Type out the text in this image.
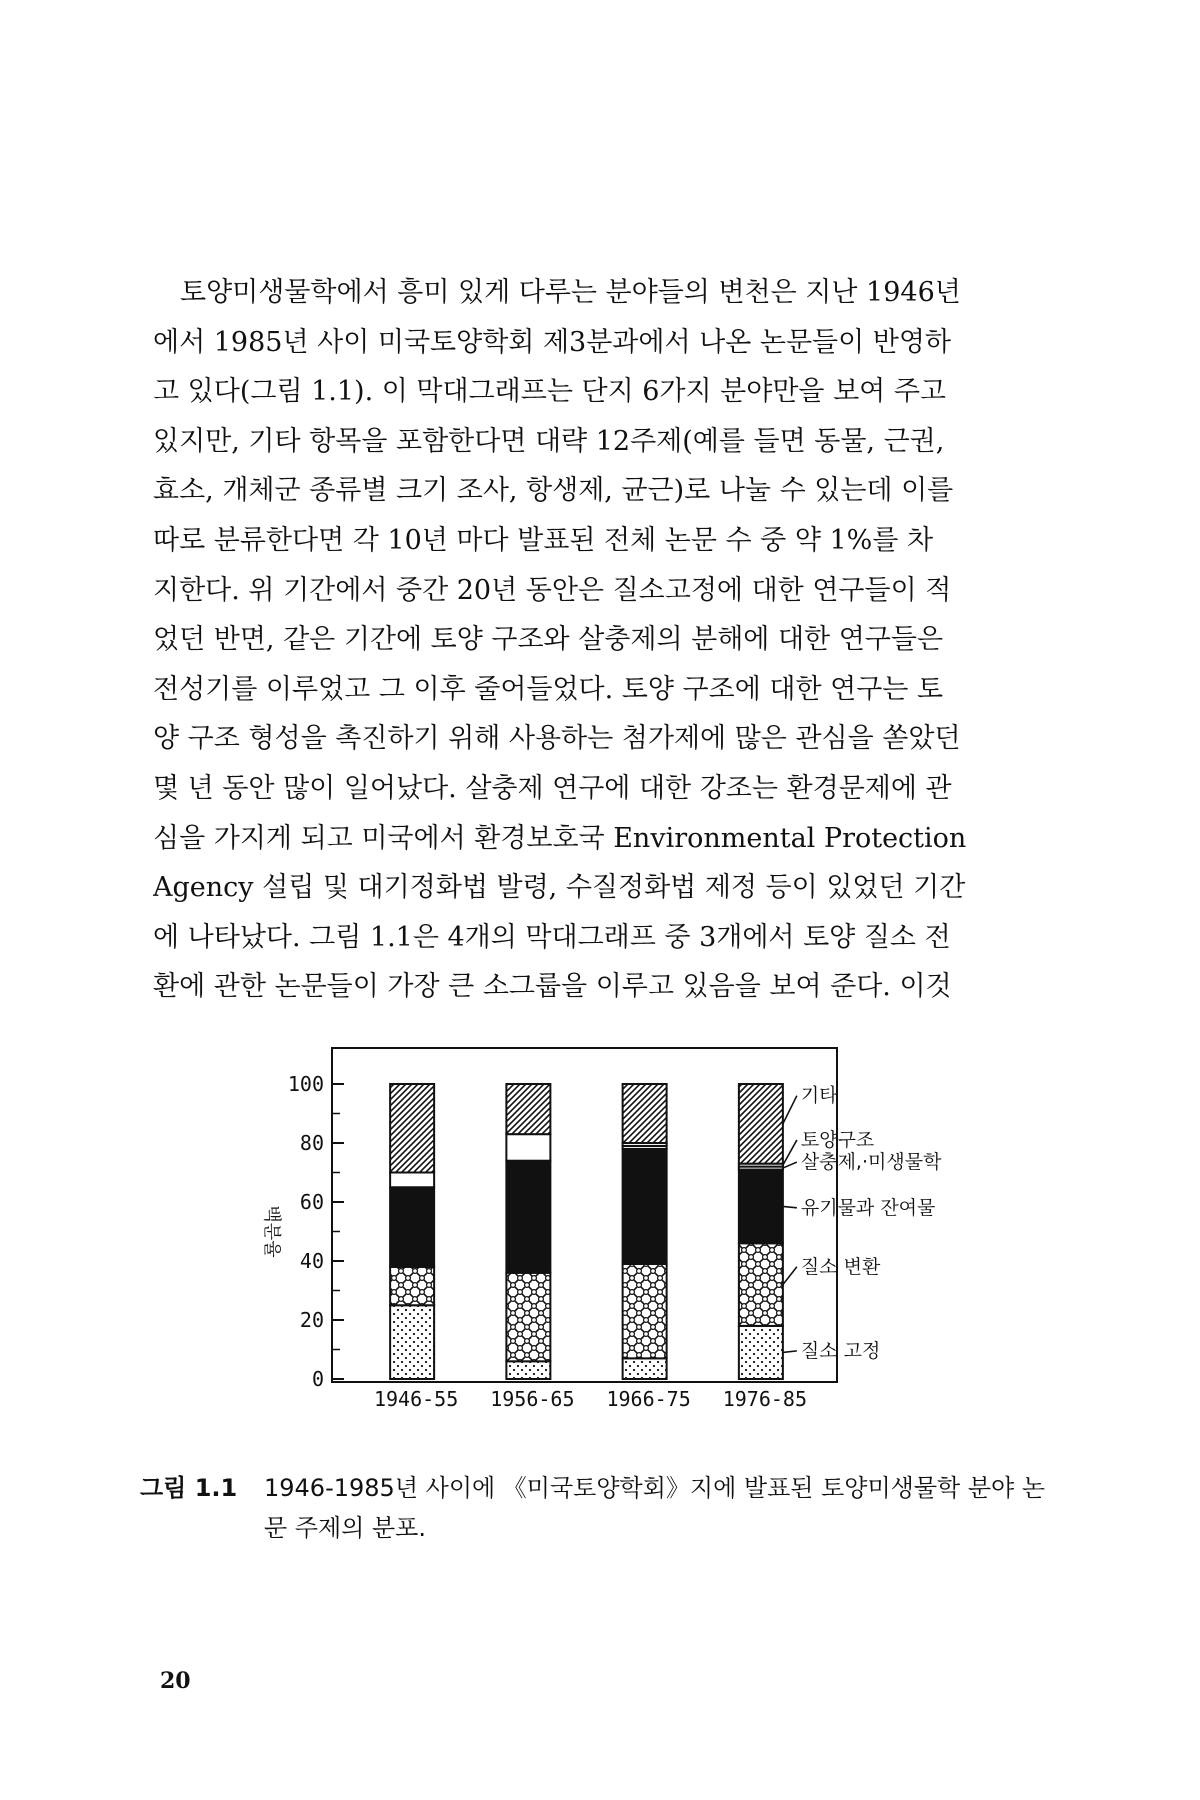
토양미생물학에서 흥미 있게 다루는 분야들의 변천은 지난 1946년
에서 1985년 사이 미국토양학회 제3분과에서 나온 논문들이 반영하
고 있다(그림 1.1). 이 막대그래프는 단지 6가지 분야만을 보여 주고
있지만, 기타 항목을 포함한다면 대략 12주제(예를 들면 동물, 근권,
효소, 개체군 종류별 크기 조사, 항생제, 균근)로 나눌 수 있는데 이를
따로 분류한다면 각 10년 마다 발표된 전체 논문 수 중 약 1%를 차
지한다. 위 기간에서 중간 20년 동안은 질소고정에 대한 연구들이 적
었던 반면, 같은 기간에 토양 구조와 살충제의 분해에 대한 연구들은
전성기를 이루었고 그 이후 줄어들었다. 토양 구조에 대한 연구는 토
양 구조 형성을 촉진하기 위해 사용하는 첨가제에 많은 관심을 쏟았던
몇 년 동안 많이 일어났다. 살충제 연구에 대한 강조는 환경문제에 관
심을 가지게 되고 미국에서 환경보호국 Environmental Protection
Agency 설립 및 대기정화법 발령, 수질정화법 제정 등이 있었던 기간
에 나타났다. 그림 1.1은 4개의 막대그래프 중 3개에서 토양 질소 전
환에 관한 논문들이 가장 큰 소그룹을 이루고 있음을 보여 준다. 이것
0
20
40
60
80
100
백분율
1946-55 1956-65 1966-75 1976-85
질소 고정
질소 변환
유기물과 잔여물
살충제,·미생물학
토양구조
기타
그림 1.1	1946-1985년 사이에 《미국토양학회》지에 발표된 토양미생물학 분야 논문 주제의 분포.
20
